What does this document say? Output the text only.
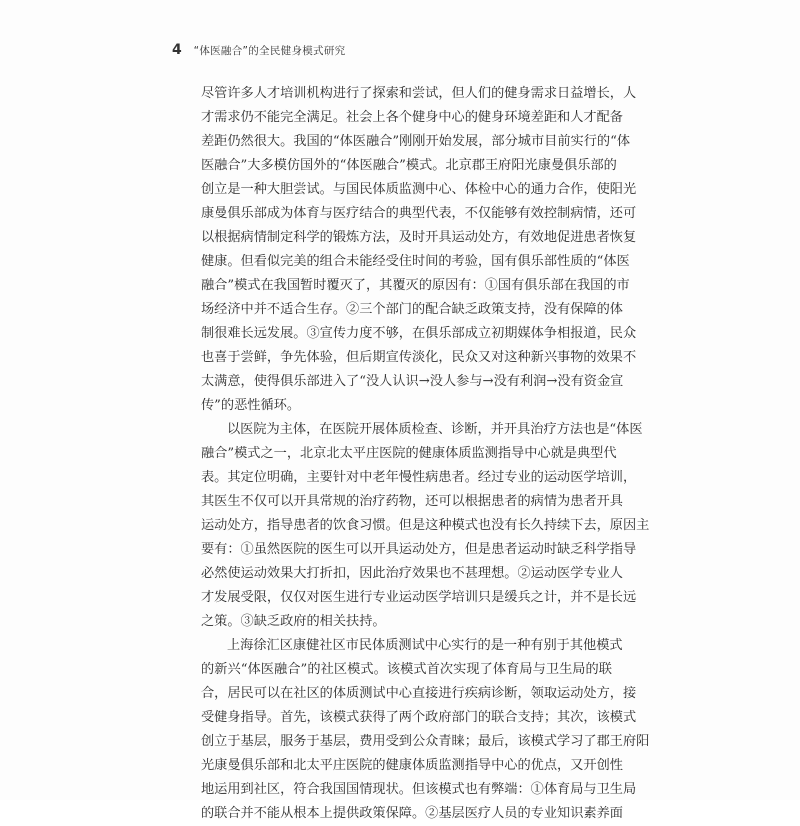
4 “体医融合”的全民健身模式研究
尽管许多人才培训机构进行了探索和尝试，但人们的健身需求日益增长，人
才需求仍不能完全满足。社会上各个健身中心的健身环境差距和人才配备
差距仍然很大。我国的“体医融合”刚刚开始发展，部分城市目前实行的“体
医融合”大多模仿国外的“体医融合”模式。北京郡王府阳光康曼俱乐部的
创立是一种大胆尝试。与国民体质监测中心、体检中心的通力合作，使阳光
康曼俱乐部成为体育与医疗结合的典型代表，不仅能够有效控制病情，还可
以根据病情制定科学的锻炼方法，及时开具运动处方，有效地促进患者恢复
健康。但看似完美的组合未能经受住时间的考验，国有俱乐部性质的“体医
融合”模式在我国暂时覆灭了，其覆灭的原因有：①国有俱乐部在我国的市
场经济中并不适合生存。②三个部门的配合缺乏政策支持，没有保障的体
制很难长远发展。③宣传力度不够，在俱乐部成立初期媒体争相报道，民众
也喜于尝鲜，争先体验，但后期宣传淡化，民众又对这种新兴事物的效果不
太满意，使得俱乐部进入了“没人认识→没人参与→没有利润→没有资金宣
传”的恶性循环。
以医院为主体，在医院开展体质检查、诊断，并开具治疗方法也是“体医
融合”模式之一，北京北太平庄医院的健康体质监测指导中心就是典型代
表。其定位明确，主要针对中老年慢性病患者。经过专业的运动医学培训，
其医生不仅可以开具常规的治疗药物，还可以根据患者的病情为患者开具
运动处方，指导患者的饮食习惯。但是这种模式也没有长久持续下去，原因主
要有：①虽然医院的医生可以开具运动处方，但是患者运动时缺乏科学指导
必然使运动效果大打折扣，因此治疗效果也不甚理想。②运动医学专业人
才发展受限，仅仅对医生进行专业运动医学培训只是缓兵之计，并不是长远
之策。③缺乏政府的相关扶持。
上海徐汇区康健社区市民体质测试中心实行的是一种有别于其他模式
的新兴“体医融合”的社区模式。该模式首次实现了体育局与卫生局的联
合，居民可以在社区的体质测试中心直接进行疾病诊断，领取运动处方，接
受健身指导。首先，该模式获得了两个政府部门的联合支持；其次，该模式
创立于基层，服务于基层，费用受到公众青睐；最后，该模式学习了郡王府阳
光康曼俱乐部和北太平庄医院的健康体质监测指导中心的优点，又开创性
地运用到社区，符合我国国情现状。但该模式也有弊端：①体育局与卫生局
的联合并不能从根本上提供政策保障。②基层医疗人员的专业知识素养面
